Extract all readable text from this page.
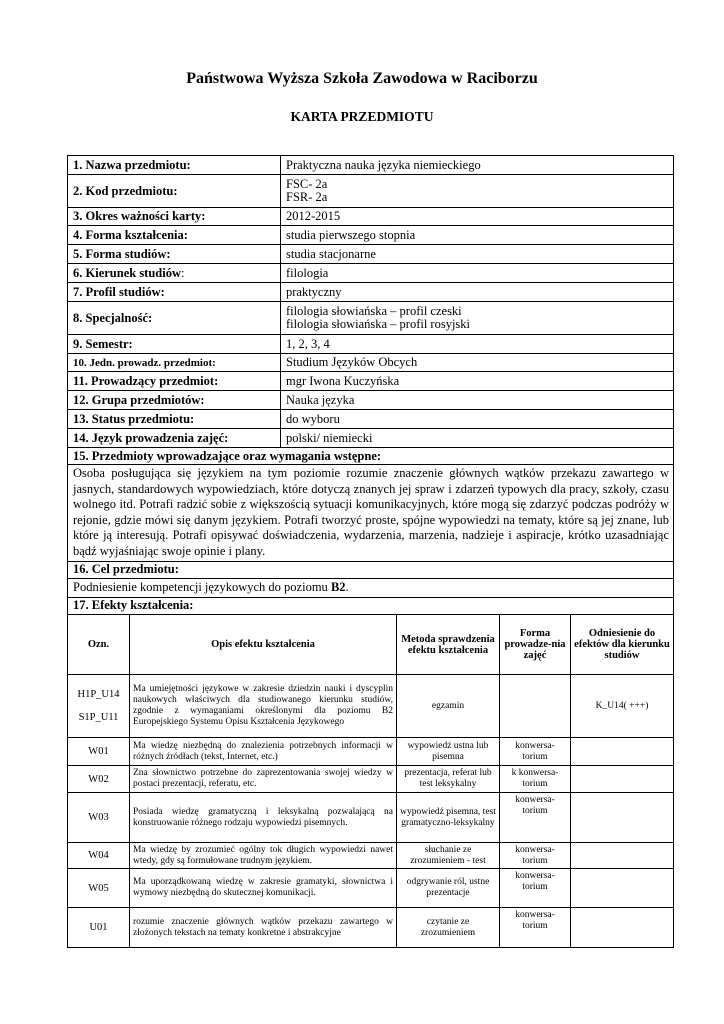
Państwowa Wyższa Szkoła Zawodowa w Raciborzu
KARTA PRZEDMIOTU
1. Nazwa przedmiotu:	Praktyczna nauka języka niemieckiego
2. Kod przedmiotu:	FSC- 2a
FSR- 2a

3. Okres ważności karty:	2012-2015
4. Forma kształcenia:	studia pierwszego stopnia
5. Forma studiów:	studia stacjonarne
6. Kierunek studiów:	filologia
7. Profil studiów:	praktyczny
8. Specjalność:	filologia słowiańska – profil czeski
filologia słowiańska – profil rosyjski

9. Semestr:	1, 2, 3, 4
10. Jedn. prowadz. przedmiot:	Studium Języków Obcych
11. Prowadzący przedmiot:	mgr Iwona Kuczyńska
12. Grupa przedmiotów:	Nauka języka
13. Status przedmiotu:	do wyboru
14. Język prowadzenia zajęć:	polski/ niemiecki
15. Przedmioty wprowadzające oraz wymagania wstępne:	
Osoba posługująca się językiem na tym poziomie rozumie znaczenie głównych wątków przekazu zawartego w jasnych, standardowych wypowiedziach, które dotyczą znanych jej spraw i zdarzeń typowych dla pracy, szkoły, czasu wolnego itd. Potrafi radzić sobie z większością sytuacji komunikacyjnych, które mogą się zdarzyć podczas podróży w rejonie, gdzie mówi się danym językiem. Potrafi tworzyć proste, spójne wypowiedzi na tematy, które są jej znane, lub które ją interesują. Potrafi opisywać doświadczenia, wydarzenia, marzenia, nadzieje i aspiracje, krótko uzasadniając bądź wyjaśniając swoje opinie i plany.	
16. Cel przedmiotu:	
Podniesienie kompetencji językowych do poziomu B2.	
17. Efekty kształcenia:	
Ozn.	Opis efektu kształcenia	Metoda sprawdzenia efektu kształcenia	Forma prowadze-nia zajęć	Odniesienie do efektów dla kierunku studiów

H1P_U14
S1P_U11	Ma umiejętności językowe w zakresie dziedzin nauki i dyscyplin naukowych właściwych dla studiowanego kierunku studiów, zgodnie z wymaganiami określonymi dla poziomu B2 Europejskiego Systemu Opisu Kształcenia Językowego	egzamin		K_U14( +++)
W01	Ma wiedzę niezbędną do znalezienia potrzebnych informacji w różnych źródłach (tekst, Internet, etc.)	wypowiedź ustna lub pisemna	konwersa-torium	
W02	Zna słownictwo potrzebne do zaprezentowania swojej wiedzy w postaci prezentacji, referatu, etc.	prezentacja, referat lub test leksykalny	k konwersa-torium	
W03	Posiada wiedzę gramatyczną i leksykalną pozwalającą na konstruowanie różnego rodzaju wypowiedzi pisemnych.	wypowiedź pisemna, test gramatyczno-leksykalny	konwersa-torium	
W04	Ma wiedzę by zrozumieć ogólny tok długich wypowiedzi nawet wtedy, gdy są formułowane trudnym językiem.	słuchanie ze zrozumieniem - test	konwersa-torium	
W05	Ma uporządkowaną wiedzę w zakresie gramatyki, słownictwa i wymowy niezbędną do skutecznej komunikacji.	odgrywanie ról, ustne prezentacje	konwersa-torium	
U01	rozumie znaczenie głównych wątków przekazu zawartego w złożonych tekstach na tematy konkretne i abstrakcyjne	czytanie ze zrozumieniem	konwersa-torium	
